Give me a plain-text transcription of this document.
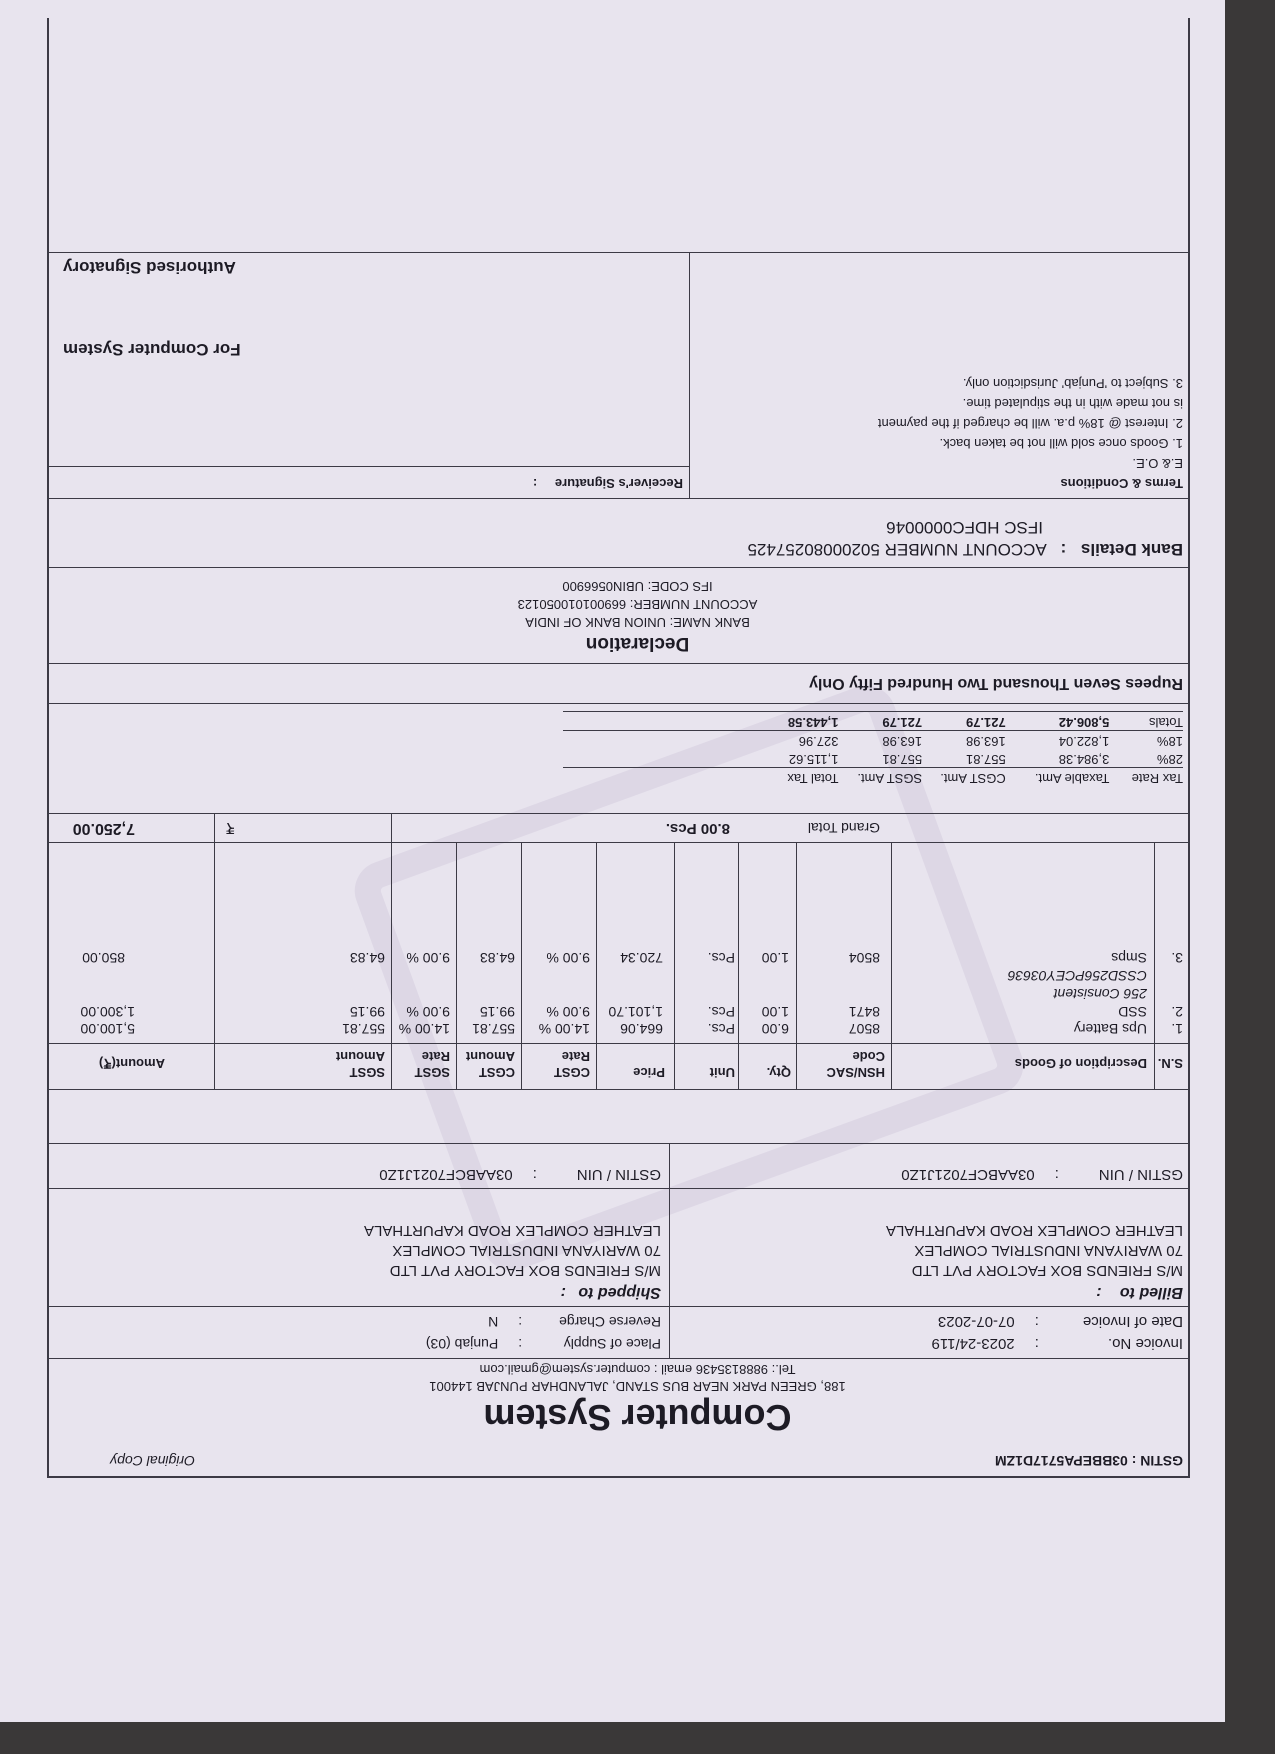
GSTIN : 03BBEPA5717D1ZM
Original Copy
Computer System
188, GREEN PARK NEAR BUS STAND, JALANDHAR PUNJAB 144001
Tel.: 9888135436 email : computer.system@gmail.com
Invoice No. : 2023-24/119
Date of Invoice : 07-07-2023
Place of Supply : Punjab (03)
Reverse Charge : N
Billed to :
M/S FRIENDS BOX FACTORY PVT LTD
70 WARIYANA INDUSTRIAL COMPLEX
LEATHER COMPLEX ROAD KAPURTHALA
Shipped to :
M/S FRIENDS BOX FACTORY PVT LTD
70 WARIYANA INDUSTRIAL COMPLEX
LEATHER COMPLEX ROAD KAPURTHALA
GSTIN / UIN : 03AABCF7021J1Z0
GSTIN / UIN : 03AABCF7021J1Z0
S.N.
Description of Goods
HSN/SAC
Code
Qty.
Unit
Price
CGST
Rate
CGST
Amount
SGST
Rate
SGST
Amount
Amount(₹)
1.
Ups Battery
8507
6.00
Pcs.
664.06
14.00 %
557.81
14.00 %
557.81
5,100.00
2.
SSD
256 Consistent
8471
1.00
Pcs.
1,101.70
9.00 %
99.15
9.00 %
99.15
1,300.00
CSSD256PCEY03636
3.
Smps
8504
1.00
Pcs.
720.34
9.00 %
64.83
9.00 %
64.83
850.00
Grand Total
8.00 Pcs.
₹
7,250.00
Tax Rate Taxable Amt. CGST Amt. SGST Amt. Total Tax
28% 3,984.38 557.81 557.81 1,115.62
18% 1,822.04 163.98 163.98 327.96
Totals 5,806.42 721.79 721.79 1,443.58
Rupees Seven Thousand Two Hundred Fifty Only
Declaration
BANK NAME: UNION BANK OF INDIA
ACCOUNT NUMBER: 669001010050123
IFS CODE: UBIN0566900
Bank Details : ACCOUNT NUMBER 50200080257425
IFSC HDFC0000046
Terms & Conditions
E.& O.E.
1. Goods once sold will not be taken back.
2. Interest @ 18% p.a. will be charged if the payment
is not made with in the stipulated time.
3. Subject to 'Punjab' Jurisdiction only.
Receiver's Signature :
For Computer System
Authorised Signatory
